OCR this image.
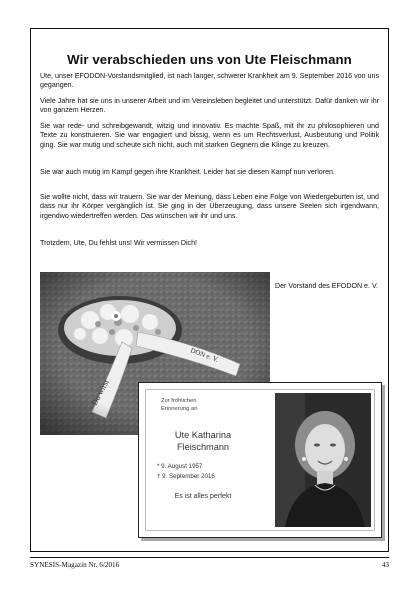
Wir verabschieden uns von Ute Fleischmann
Ute, unser EFODON-Vorstandsmitglied, ist nach langer, schwerer Krankheit am 9. September 2016 von uns gegangen.
Viele Jahre hat sie uns in unserer Arbeit und im Vereinsleben begleitet und unterstützt. Dafür danken wir ihr von ganzem Herzen.
Sie war rede- und schreibgewandt, witzig und innovativ. Es machte Spaß, mit ihr zu philosophieren und Texte zu konstruieren. Sie war engagiert und bissig, wenn es um Rechtsverlust, Ausbeutung und Politik ging. Sie war mutig und scheute sich nicht, auch mit starken Gegnern die Klinge zu kreuzen.
Sie war auch mutig im Kampf gegen ihre Krankheit. Leider hat sie diesen Kampf nun verloren.
Sie wollte nicht, dass wir trauern. Sie war der Meinung, dass Leben eine Folge von Wiedergeburten ist, und dass nur ihr Körper vergänglich ist. Sie ging in der Überzeugung, dass unsere Seelen sich irgendwann, irgendwo wiedertreffen werden. Das wünschen wir ihr und uns.
Trotzdem, Ute, Du fehlst uns! Wir vermissen Dich!
Der Vorstand des EFODON e. V.
Zur fröhlichen
Erinnerung an
Ute Katharina
Fleischmann
* 9. August 1957
† 9. September 2016
Es ist alles perfekt
SYNESIS-Magazin Nr. 6/2016	43
